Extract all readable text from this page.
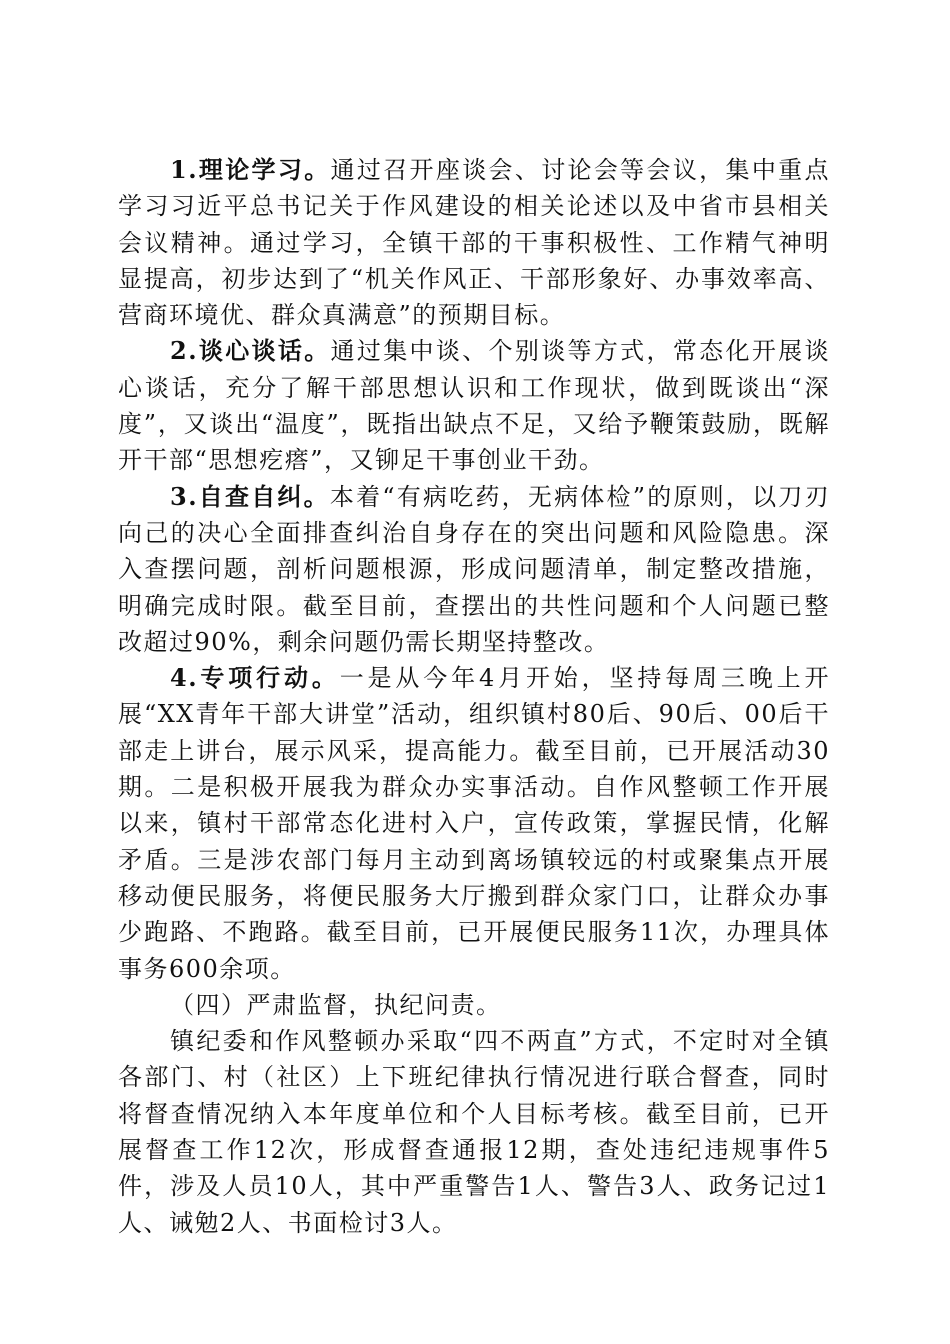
1.理论学习。通过召开座谈会、讨论会等会议，集中重点学习习近平总书记关于作风建设的相关论述以及中省市县相关会议精神。通过学习，全镇干部的干事积极性、工作精气神明显提高，初步达到了“机关作风正、干部形象好、办事效率高、营商环境优、群众真满意”的预期目标。

2.谈心谈话。通过集中谈、个别谈等方式，常态化开展谈心谈话，充分了解干部思想认识和工作现状，做到既谈出“深度”，又谈出“温度”，既指出缺点不足，又给予鞭策鼓励，既解开干部“思想疙瘩”，又铆足干事创业干劲。

3.自查自纠。本着“有病吃药，无病体检”的原则，以刀刃向己的决心全面排查纠治自身存在的突出问题和风险隐患。深入查摆问题，剖析问题根源，形成问题清单，制定整改措施，明确完成时限。截至目前，查摆出的共性问题和个人问题已整改超过90%，剩余问题仍需长期坚持整改。

4.专项行动。一是从今年4月开始，坚持每周三晚上开展“XX青年干部大讲堂”活动，组织镇村80后、90后、00后干部走上讲台，展示风采，提高能力。截至目前，已开展活动30期。二是积极开展我为群众办实事活动。自作风整顿工作开展以来，镇村干部常态化进村入户，宣传政策，掌握民情，化解矛盾。三是涉农部门每月主动到离场镇较远的村或聚集点开展移动便民服务，将便民服务大厅搬到群众家门口，让群众办事少跑路、不跑路。截至目前，已开展便民服务11次，办理具体事务600余项。

（四）严肃监督，执纪问责。

镇纪委和作风整顿办采取“四不两直”方式，不定时对全镇各部门、村（社区）上下班纪律执行情况进行联合督查，同时将督查情况纳入本年度单位和个人目标考核。截至目前，已开展督查工作12次，形成督查通报12期，查处违纪违规事件5件，涉及人员10人，其中严重警告1人、警告3人、政务记过1人、诫勉2人、书面检讨3人。
